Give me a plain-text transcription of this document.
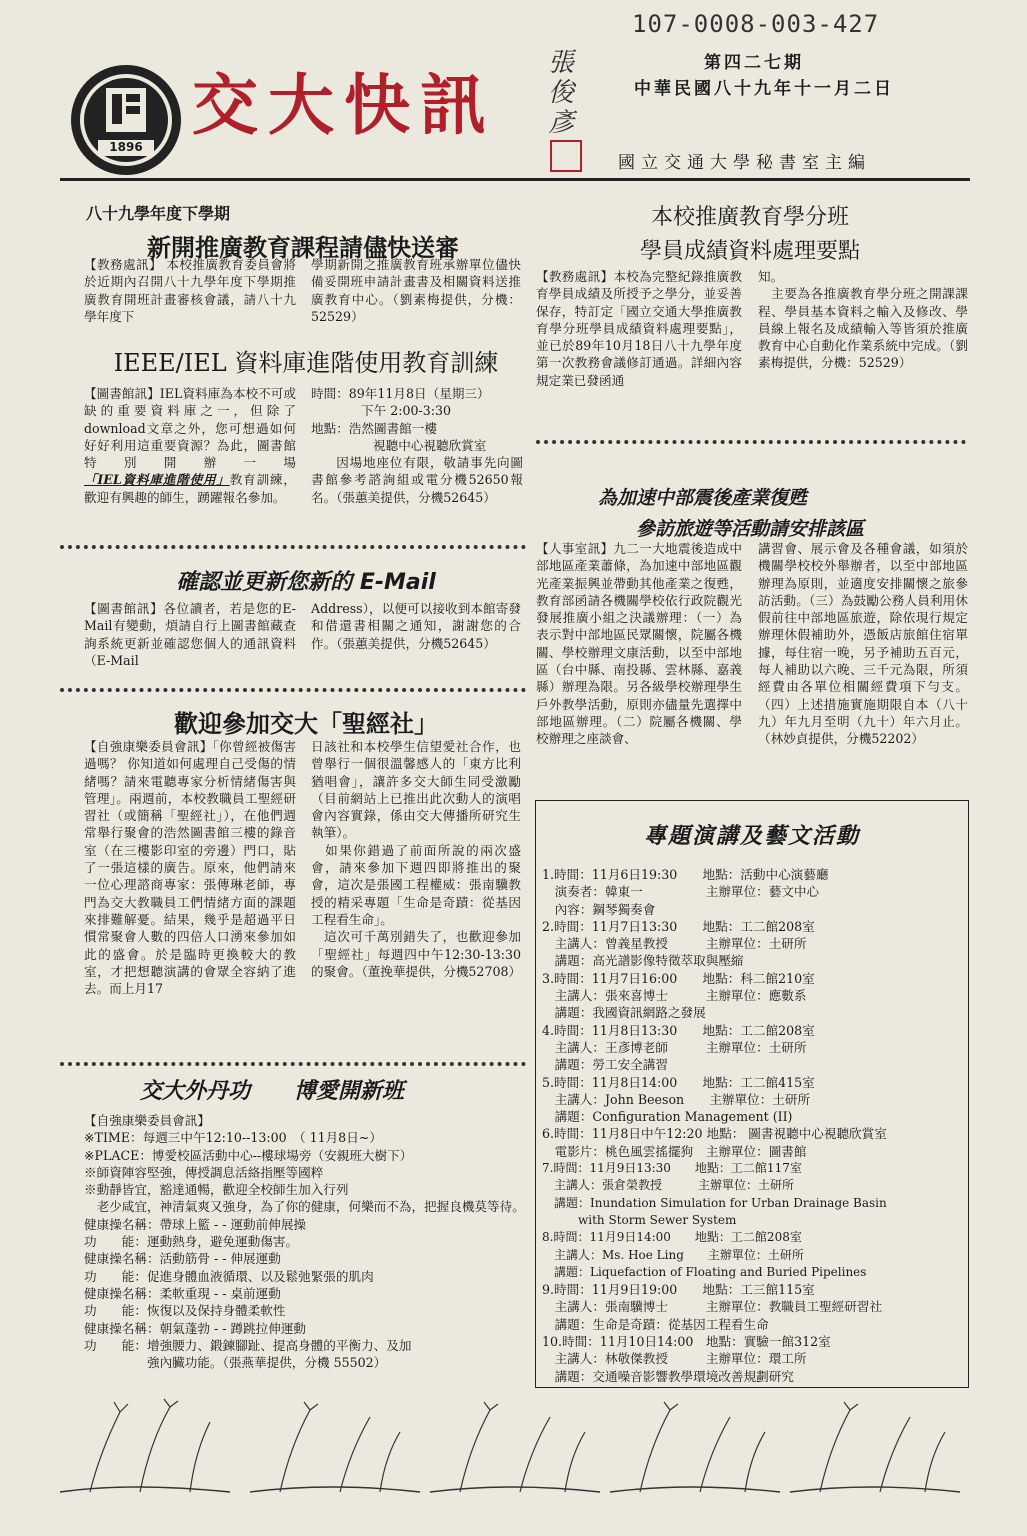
107-0008-003-427
1896
交大快訊
張俊彥
第四二七期
中華民國八十九年十一月二日
國立交通大學秘書室主編
八十九學年度下學期
新開推廣教育課程請儘快送審
【教務處訊】 本校推廣教育委員會將於近期內召開八十九學年度下學期推廣教育開班計畫審核會議，請八十九學年度下
學期新開之推廣教育班承辦單位儘快備妥開班申請計畫書及相關資料送推廣教育中心。（劉素梅提供，分機：52529）
IEEE/IEL 資料庫進階使用教育訓練
【圖書館訊】IEL資料庫為本校不可或缺的重要資料庫之一，但除了download文章之外，您可想過如何好好利用這重要資源？為此，圖書館特別開辦一場「IEL資料庫進階使用」教育訓練，歡迎有興趣的師生，踴躍報名參加。
時間：89年11月8日（星期三）
下午 2:00-3:30
地點：浩然圖書館一樓
視聽中心視聽欣賞室
因場地座位有限，敬請事先向圖書館參考諮詢組或電分機52650報名。（張蕙美提供，分機52645）
確認並更新您新的 E-Mail
【圖書館訊】各位讀者，若是您的E-Mail有變動，煩請自行上圖書館藏查詢系統更新並確認您個人的通訊資料（E-Mail
Address），以便可以接收到本館寄發和借還書相關之通知，謝謝您的合作。（張蕙美提供，分機52645）
歡迎參加交大「聖經社」
【自強康樂委員會訊】「你曾經被傷害過嗎？ 你知道如何處理自己受傷的情緒嗎？請來電聽專家分析情緒傷害與管理」。兩週前，本校教職員工聖經研習社（或簡稱「聖經社」），在他們週常舉行聚會的浩然圖書館三樓的錄音室（在三樓影印室的旁邊）門口，貼了一張這樣的廣告。原來，他們請來一位心理諮商專家：張傳琳老師，專門為交大教職員工們情緒方面的課題來排難解憂。結果，幾乎是超過平日慣常聚會人數的四倍人口湧來參加如此的盛會。於是臨時更換較大的教室，才把想聽演講的會眾全容納了進去。而上月17
日該社和本校學生信望愛社合作，也曾舉行一個很溫馨感人的「東方比利猶唱會」，讓許多交大師生同受激勵（目前網站上已推出此次動人的演唱會內容實錄，係由交大傳播所研究生執筆）。
　如果你錯過了前面所說的兩次盛會，請來參加下週四即將推出的聚會，這次是張國工程權威：張南驥教授的精采專題「生命是奇蹟：從基因工程看生命」。
　這次可千萬別錯失了，也歡迎參加「聖經社」每週四中午12:30-13:30的聚會。（董挽華提供，分機52708）
交大外丹功　　博愛開新班
【自強康樂委員會訊】
※TIME：每週三中午12:10--13:00　（ 11月8日~）
※PLACE：博愛校區活動中心--樓球場旁（安親班大樹下）
※師資陣容堅強，傳授調息活絡指壓等國粹
※動靜皆宜，豁達通暢，歡迎全校師生加入行列
　老少咸宜，神清氣爽又強身，為了你的健康，何樂而不為，把握良機莫等待。
健康操名稱：帶球上籃 - - 運動前伸展操
功　　能：運動熱身，避免運動傷害。
健康操名稱：活動筋骨 - - 伸展運動
功　　能：促進身體血液循環、以及鬆弛緊張的肌肉
健康操名稱：柔軟重現 - - 桌前運動
功　　能：恢復以及保持身體柔軟性
健康操名稱：朝氣蓬勃 - - 蹲跳拉伸運動
功　　能：增強腰力、鍛鍊腳趾、提高身體的平衡力、及加
　　　　　強內臟功能。（張燕華提供，分機 55502）
本校推廣教育學分班
學員成績資料處理要點
【教務處訊】本校為完整紀錄推廣教育學員成績及所授予之學分，並妥善保存，特訂定「國立交通大學推廣教育學分班學員成績資料處理要點」，並已於89年10月18日八十九學年度第一次教務會議修訂通過。詳細內容規定業已發函通
知。
　主要為各推廣教育學分班之開課課程、學員基本資料之輸入及修改、學員線上報名及成績輸入等皆須於推廣教育中心自動化作業系統中完成。（劉素梅提供，分機：52529）
為加速中部震後產業復甦
參訪旅遊等活動請安排該區
【人事室訊】九二一大地震後造成中部地區產業蕭條，為加速中部地區觀光產業振興並帶動其他產業之復甦，教育部函請各機關學校依行政院觀光發展推廣小組之決議辦理：（一）為表示對中部地區民眾關懷，院屬各機關、學校辦理文康活動，以至中部地區（台中縣、南投縣、雲林縣、嘉義縣）辦理為限。另各級學校辦理學生戶外教學活動，原則亦儘量先選擇中部地區辦理。（二）院屬各機關、學校辦理之座談會、
講習會、展示會及各種會議，如須於機關學校校外舉辦者，以至中部地區辦理為原則，並適度安排關懷之旅參訪活動。（三）為鼓勵公務人員利用休假前往中部地區旅遊，除依現行規定辦理休假補助外，憑飯店旅館住宿單據，每住宿一晚，另予補助五百元，每人補助以六晚、三千元為限，所須經費由各單位相關經費項下勻支。（四）上述措施實施期限自本（八十九）年九月至明（九十）年六月止。（林妙貞提供，分機52202）
專題演講及藝文活動
1.時間：11月6日19:30　　地點：活動中心演藝廳
　演奏者：韓東一　　　　　主辦單位：藝文中心
　內容：鋼琴獨奏會
2.時間：11月7日13:30　　地點：工二館208室
　主講人：曾義星教授　　　主辦單位：土研所
　講題：高光譜影像特徵萃取與壓縮
3.時間：11月7日16:00　　地點：科二館210室
　主講人：張來喜博士　　　主辦單位：應數系
　講題：我國資訊網路之發展
4.時間：11月8日13:30　　地點：工二館208室
　主講人：王彥博老師　　　主辦單位：土研所
　講題：勞工安全講習
5.時間：11月8日14:00　　地點：工二館415室
　主講人：John Beeson　　主辦單位：土研所
　講題：Configuration Management (II)
6.時間：11月8日中午12:20 地點： 圖書視聽中心視聽欣賞室
　電影片：桃色風雲搖擺狗　主辦單位：圖書館
7.時間：11月9日13:30　　地點：工二館117室
　主講人：張倉榮教授　　　主辦單位：土研所
　講題：Inundation Simulation for Urban Drainage Basin
　　　with Storm Sewer System
8.時間：11月9日14:00　　地點：工二館208室
　主講人：Ms. Hoe Ling　　主辦單位：土研所
　講題：Liquefaction of Floating and Buried Pipelines
9.時間：11月9日19:00　　地點：工三館115室
　主講人：張南驥博士　　　主辦單位：教職員工聖經研習社
　講題：生命是奇蹟：從基因工程看生命
10.時間：11月10日14:00　地點：實驗一館312室
　主講人：林敬傑教授　　　主辦單位：環工所
　講題：交通噪音影響教學環境改善規劃研究
